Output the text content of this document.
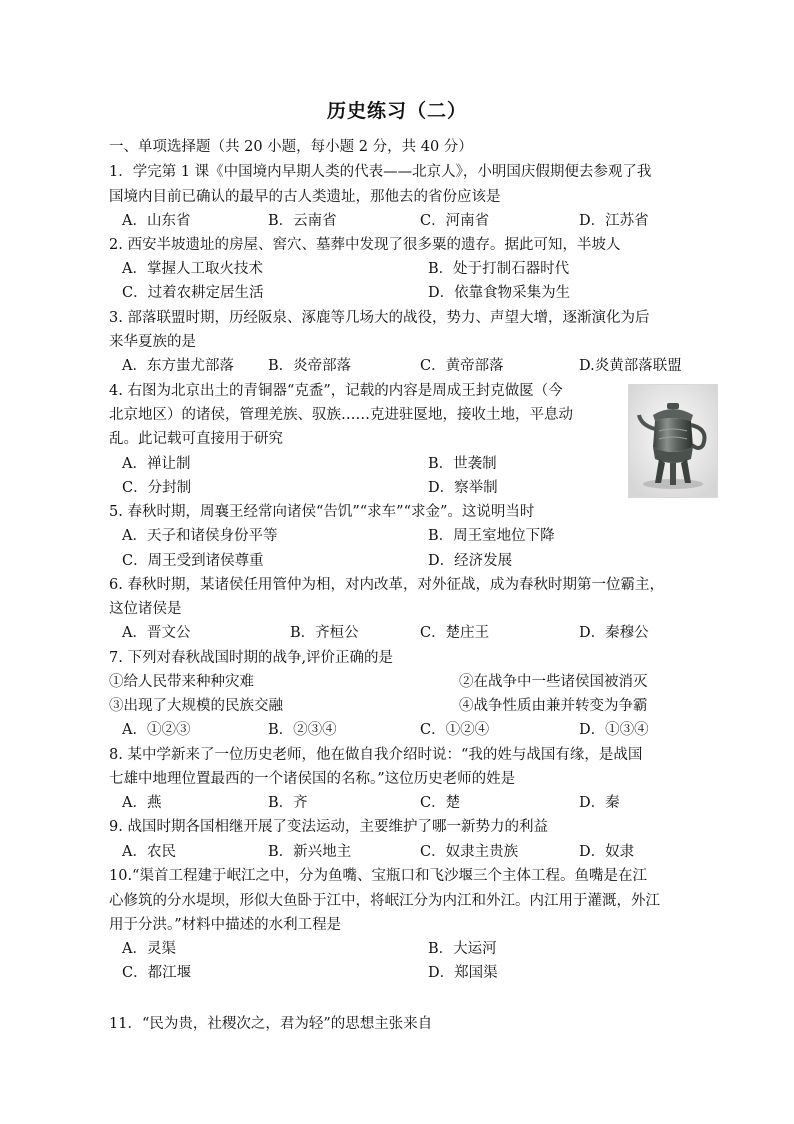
历史练习（二）
一、单项选择题（共 20 小题，每小题 2 分，共 40 分）
1．学完第 1 课《中国境内早期人类的代表——北京人》，小明国庆假期便去参观了我
国境内目前已确认的最早的古人类遗址，那他去的省份应该是
A．山东省	B．云南省	C．河南省	D．江苏省
2. 西安半坡遗址的房屋、窖穴、墓葬中发现了很多粟的遗存。据此可知，半坡人
A．掌握人工取火技术	B．处于打制石器时代
C．过着农耕定居生活	D．依靠食物采集为生
3. 部落联盟时期，历经阪泉、涿鹿等几场大的战役，势力、声望大增，逐渐演化为后
来华夏族的是
A．东方蚩尤部落 B．炎帝部落	C．黄帝部落	D.炎黄部落联盟
4. 右图为北京出土的青铜器“克盉”，记载的内容是周成王封克做匽（今
北京地区）的诸侯，管理羌族、驭族……克进驻匽地，接收土地，平息动
乱。此记载可直接用于研究
A．禅让制	B．世袭制
C．分封制	D．察举制
5. 春秋时期，周襄王经常向诸侯“告饥”“求车”“求金”。这说明当时
A．天子和诸侯身份平等	B．周王室地位下降
C．周王受到诸侯尊重	D．经济发展
6. 春秋时期，某诸侯任用管仲为相，对内改革，对外征战，成为春秋时期第一位霸主，
这位诸侯是
A．晋文公	B．齐桓公	C．楚庄王	D．秦穆公
7. 下列对春秋战国时期的战争,评价正确的是
①给人民带来种种灾难	②在战争中一些诸侯国被消灭
③出现了大规模的民族交融	④战争性质由兼并转变为争霸
A．①②③	B．②③④	C．①②④	D．①③④
8. 某中学新来了一位历史老师，他在做自我介绍时说：“我的姓与战国有缘，是战国
七雄中地理位置最西的一个诸侯国的名称。”这位历史老师的姓是
A．燕	B．齐	C．楚	D．秦
9. 战国时期各国相继开展了变法运动，主要维护了哪一新势力的利益
A．农民	B．新兴地主	C．奴隶主贵族	D．奴隶
10.“渠首工程建于岷江之中，分为鱼嘴、宝瓶口和飞沙堰三个主体工程。鱼嘴是在江
心修筑的分水堤坝，形似大鱼卧于江中，将岷江分为内江和外江。内江用于灌溉，外江
用于分洪。”材料中描述的水利工程是
A．灵渠	B．大运河
C．都江堰	D．郑国渠
11．“民为贵，社稷次之，君为轻”的思想主张来自
